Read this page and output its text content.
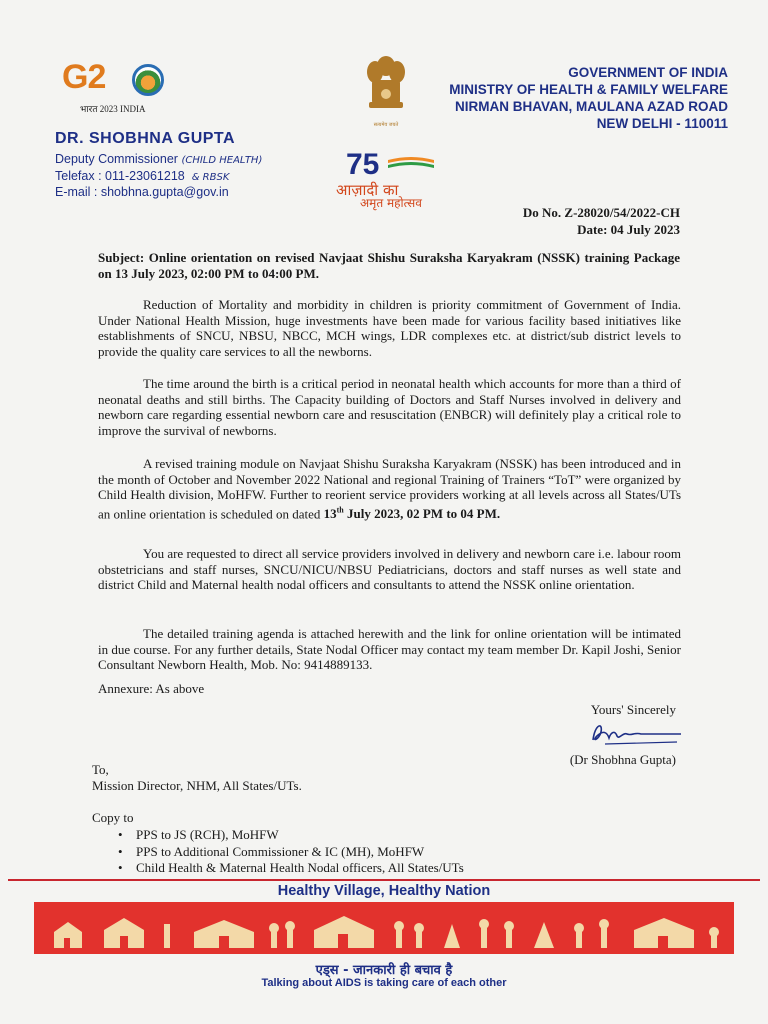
G2
भारत 2023 INDIA
सत्यमेव जयते
GOVERNMENT OF INDIA
MINISTRY OF HEALTH & FAMILY WELFARE
NIRMAN BHAVAN, MAULANA AZAD ROAD
NEW DELHI - 110011
DR. SHOBHNA GUPTA
Deputy Commissioner (CHILD HEALTH)
Telefax : 011-23061218 & RBSK
E-mail : shobhna.gupta@gov.in
75
आज़ादी का
अमृत महोत्सव
Do No. Z-28020/54/2022-CH
Date: 04 July 2023
Subject: Online orientation on revised Navjaat Shishu Suraksha Karyakram (NSSK) training Package on 13 July 2023, 02:00 PM to 04:00 PM.
Reduction of Mortality and morbidity in children is priority commitment of Government of India. Under National Health Mission, huge investments have been made for various facility based initiatives like establishments of SNCU, NBSU, NBCC, MCH wings, LDR complexes etc. at district/sub district levels to provide the quality care services to all the newborns.
The time around the birth is a critical period in neonatal health which accounts for more than a third of neonatal deaths and still births. The Capacity building of Doctors and Staff Nurses involved in delivery and newborn care regarding essential newborn care and resuscitation (ENBCR) will definitely play a critical role to improve the survival of newborns.
A revised training module on Navjaat Shishu Suraksha Karyakram (NSSK) has been introduced and in the month of October and November 2022 National and regional Training of Trainers “ToT” were organized by Child Health division, MoHFW. Further to reorient service providers working at all levels across all States/UTs an online orientation is scheduled on dated 13th July 2023, 02 PM to 04 PM.
You are requested to direct all service providers involved in delivery and newborn care i.e. labour room obstetricians and staff nurses, SNCU/NICU/NBSU Pediatricians, doctors and staff nurses as well state and district Child and Maternal health nodal officers and consultants to attend the NSSK online orientation.
The detailed training agenda is attached herewith and the link for online orientation will be intimated in due course. For any further details, State Nodal Officer may contact my team member Dr. Kapil Joshi, Senior Consultant Newborn Health, Mob. No: 9414889133.
Annexure: As above
Yours' Sincerely
(Dr Shobhna Gupta)
To,
Mission Director, NHM, All States/UTs.
Copy to
• PPS to JS (RCH), MoHFW
• PPS to Additional Commissioner & IC (MH), MoHFW
• Child Health & Maternal Health Nodal officers, All States/UTs
Healthy Village, Healthy Nation
एड्स - जानकारी ही बचाव है
Talking about AIDS is taking care of each other
